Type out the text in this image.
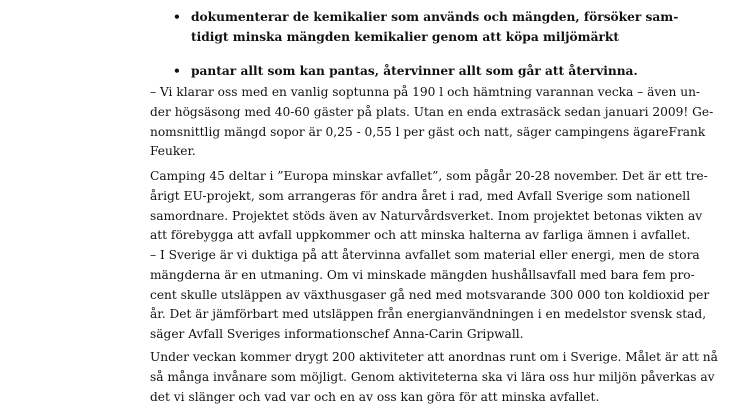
• dokumenterar de kemikalier som används och mängden, försöker sam-
tidigt minska mängden kemikalier genom att köpa miljömärkt
• pantar allt som kan pantas, återvinner allt som går att återvinna.

– Vi klarar oss med en vanlig soptunna på 190 l och hämtning varannan vecka – även un-
der högsäsong med 40-60 gäster på plats. Utan en enda extrasäck sedan januari 2009! Ge-
nomsnittlig mängd sopor är 0,25 - 0,55 l per gäst och natt, säger campingens ägareFrank
Feuker.

Camping 45 deltar i ”Europa minskar avfallet”, som pågår 20-28 november. Det är ett tre-
årigt EU-projekt, som arrangeras för andra året i rad, med Avfall Sverige som nationell
samordnare. Projektet stöds även av Naturvårdsverket. Inom projektet betonas vikten av
att förebygga att avfall uppkommer och att minska halterna av farliga ämnen i avfallet.

– I Sverige är vi duktiga på att återvinna avfallet som material eller energi, men de stora
mängderna är en utmaning. Om vi minskade mängden hushållsavfall med bara fem pro-
cent skulle utsläppen av växthusgaser gå ned med motsvarande 300 000 ton koldioxid per
år. Det är jämförbart med utsläppen från energianvändningen i en medelstor svensk stad,
säger Avfall Sveriges informationschef Anna-Carin Gripwall.

Under veckan kommer drygt 200 aktiviteter att anordnas runt om i Sverige. Målet är att nå
så många invånare som möjligt. Genom aktiviteterna ska vi lära oss hur miljön påverkas av
det vi slänger och vad var och en av oss kan göra för att minska avfallet.
